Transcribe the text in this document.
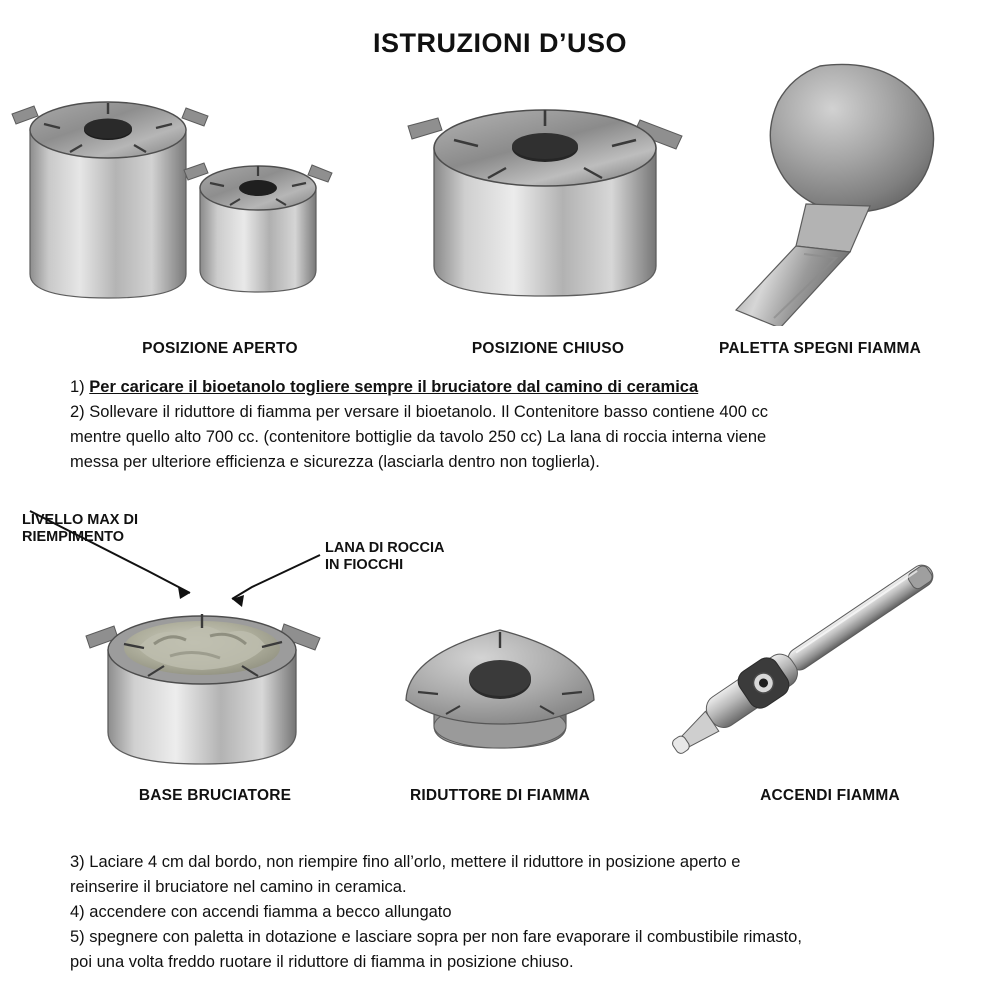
ISTRUZIONI D’USO
POSIZIONE APERTO	POSIZIONE CHIUSO	PALETTA SPEGNI FIAMMA
1) Per caricare il bioetanolo togliere sempre il bruciatore dal camino di ceramica
2) Sollevare il riduttore di fiamma per versare il bioetanolo. Il Contenitore basso contiene 400 cc
mentre quello alto 700 cc. (contenitore bottiglie da tavolo 250 cc) La lana di roccia interna viene
messa per ulteriore efficienza e sicurezza (lasciarla dentro non toglierla).
LIVELLO MAX DI
RIEMPIMENTO
LANA DI ROCCIA
IN FIOCCHI
BASE BRUCIATORE	RIDUTTORE DI FIAMMA	ACCENDI FIAMMA
3) Laciare 4 cm dal bordo, non riempire fino all’orlo, mettere il riduttore in posizione aperto e
reinserire il bruciatore nel camino in ceramica.
4) accendere con accendi fiamma a becco allungato
5) spegnere con paletta in dotazione e lasciare sopra per non fare evaporare il combustibile rimasto,
poi una volta freddo ruotare il riduttore di fiamma in posizione chiuso.
